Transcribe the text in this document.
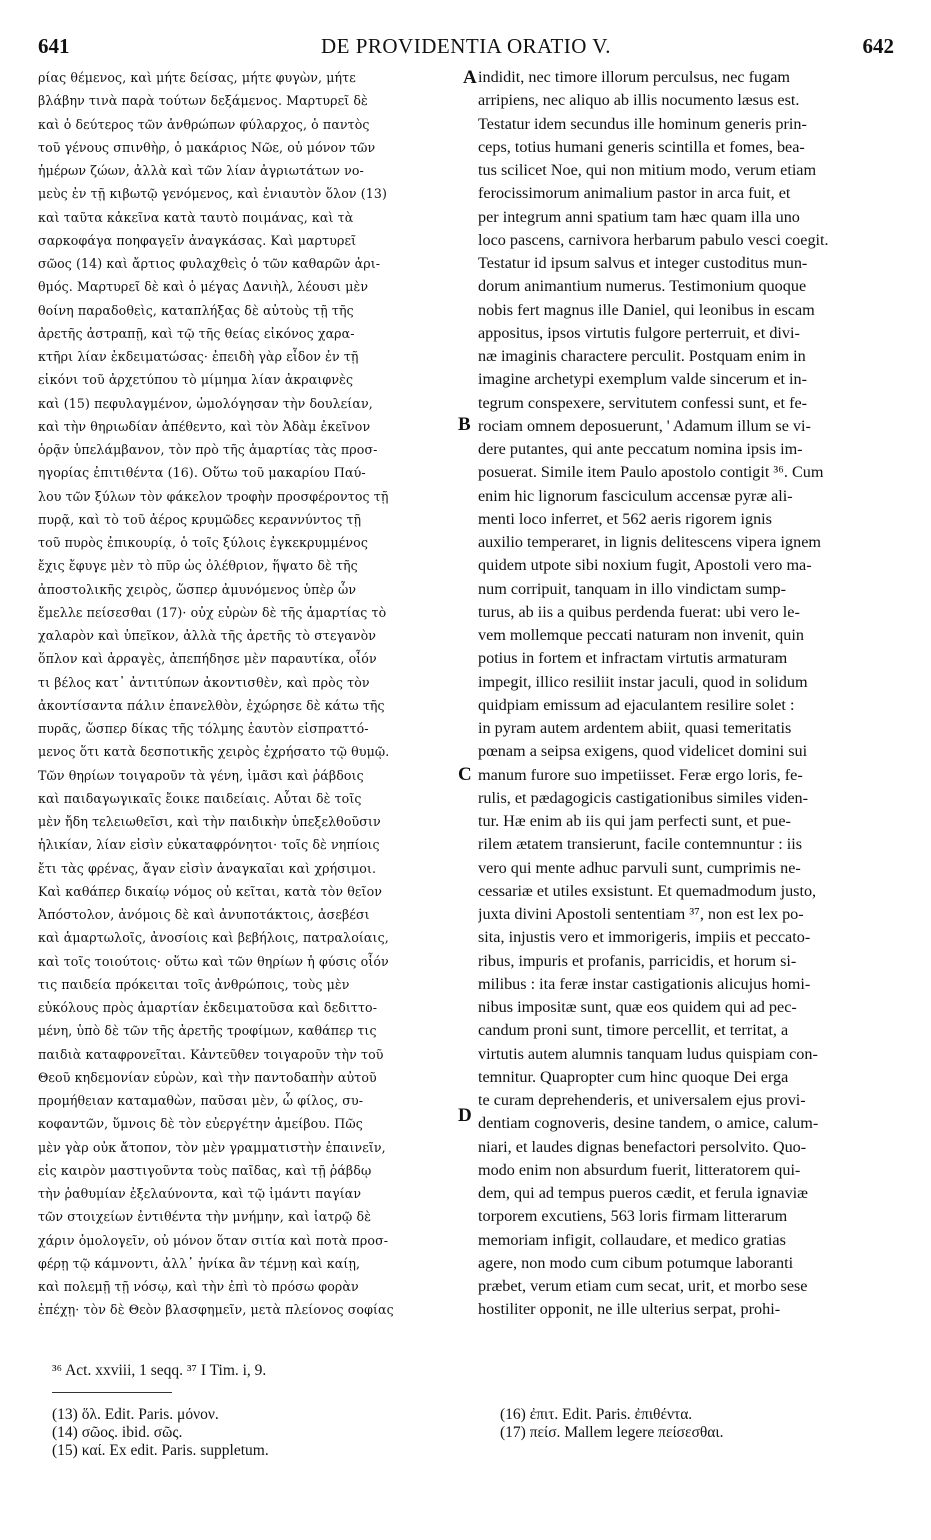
641	DE PROVIDENTIA ORATIO V.	642
ρίας θέμενος, καὶ μήτε δείσας, μήτε φυγὼν, μήτε
βλάβην τινὰ παρὰ τούτων δεξάμενος. Μαρτυρεῖ δὲ
καὶ ὁ δεύτερος τῶν ἀνθρώπων φύλαρχος, ὁ παντὸς
τοῦ γένους σπινθὴρ, ὁ μακάριος Νῶε, οὐ μόνον τῶν
ἡμέρων ζώων, ἀλλὰ καὶ τῶν λίαν ἀγριωτάτων νο-
μεὺς ἐν τῇ κιβωτῷ γενόμενος, καὶ ἐνιαυτὸν ὅλον (13)
καὶ ταῦτα κἀκεῖνα κατὰ ταυτὸ ποιμάνας, καὶ τὰ
σαρκοφάγα ποηφαγεῖν ἀναγκάσας. Καὶ μαρτυρεῖ
σῶος (14) καὶ ἄρτιος φυλαχθεὶς ὁ τῶν καθαρῶν ἀρι-
θμός. Μαρτυρεῖ δὲ καὶ ὁ μέγας Δανιὴλ, λέουσι μὲν
θοίνη παραδοθεὶς, καταπλήξας δὲ αὐτοὺς τῇ τῆς
ἀρετῆς ἀστραπῇ, καὶ τῷ τῆς θείας εἰκόνος χαρα-
κτῆρι λίαν ἐκδειματώσας· ἐπειδὴ γὰρ εἶδον ἐν τῇ
εἰκόνι τοῦ ἀρχετύπου τὸ μίμημα λίαν ἀκραιφνὲς
καὶ (15) πεφυλαγμένον, ὡμολόγησαν τὴν δουλείαν,
καὶ τὴν θηριωδίαν ἀπέθεντο, καὶ τὸν Ἀδὰμ ἐκεῖνον
ὁρᾷν ὑπελάμβανον, τὸν πρὸ τῆς ἁμαρτίας τὰς προσ-
ηγορίας ἐπιτιθέντα (16). Οὕτω τοῦ μακαρίου Παύ-
λου τῶν ξύλων τὸν φάκελον τροφὴν προσφέροντος τῇ
πυρᾷ, καὶ τὸ τοῦ ἀέρος κρυμῶδες κεραννύντος τῇ
τοῦ πυρὸς ἐπικουρίᾳ, ὁ τοῖς ξύλοις ἐγκεκρυμμένος
ἔχις ἔφυγε μὲν τὸ πῦρ ὡς ὀλέθριον, ἥψατο δὲ τῆς
ἀποστολικῆς χειρὸς, ὥσπερ ἀμυνόμενος ὑπὲρ ὧν
ἔμελλε πείσεσθαι (17)· οὐχ εὑρὼν δὲ τῆς ἁμαρτίας τὸ
χαλαρὸν καὶ ὑπεῖκον, ἀλλὰ τῆς ἀρετῆς τὸ στεγανὸν
ὅπλον καὶ ἀρραγὲς, ἀπεπήδησε μὲν παραυτίκα, οἷόν
τι βέλος κατ᾽ ἀντιτύπων ἀκοντισθὲν, καὶ πρὸς τὸν
ἀκοντίσαντα πάλιν ἐπανελθὸν, ἐχώρησε δὲ κάτω τῆς
πυρᾶς, ὥσπερ δίκας τῆς τόλμης ἑαυτὸν εἰσπραττό-
μενος ὅτι κατὰ δεσποτικῆς χειρὸς ἐχρήσατο τῷ θυμῷ.
Τῶν θηρίων τοιγαροῦν τὰ γένη, ἱμᾶσι καὶ ῥάβδοις
καὶ παιδαγωγικαῖς ἔοικε παιδείαις. Αὗται δὲ τοῖς
μὲν ἤδη τελειωθεῖσι, καὶ τὴν παιδικὴν ὑπεξελθοῦσιν
ἡλικίαν, λίαν εἰσὶν εὐκαταφρόνητοι· τοῖς δὲ νηπίοις
ἔτι τὰς φρένας, ἄγαν εἰσὶν ἀναγκαῖαι καὶ χρήσιμοι.
Καὶ καθάπερ δικαίῳ νόμος οὐ κεῖται, κατὰ τὸν θεῖον
Ἀπόστολον, ἀνόμοις δὲ καὶ ἀνυποτάκτοις, ἀσεβέσι
καὶ ἁμαρτωλοῖς, ἀνοσίοις καὶ βεβήλοις, πατραλοίαις,
καὶ τοῖς τοιούτοις· οὕτω καὶ τῶν θηρίων ἡ φύσις οἷόν
τις παιδεία πρόκειται τοῖς ἀνθρώποις, τοὺς μὲν
εὐκόλους πρὸς ἁμαρτίαν ἐκδειματοῦσα καὶ δεδιττο-
μένη, ὑπὸ δὲ τῶν τῆς ἀρετῆς τροφίμων, καθάπερ τις
παιδιὰ καταφρονεῖται. Κἀντεῦθεν τοιγαροῦν τὴν τοῦ
Θεοῦ κηδεμονίαν εὑρὼν, καὶ τὴν παντοδαπὴν αὐτοῦ
προμήθειαν καταμαθὼν, παῦσαι μὲν, ὦ φίλος, συ-
κοφαντῶν, ὕμνοις δὲ τὸν εὐεργέτην ἀμείβου. Πῶς
μὲν γὰρ οὐκ ἄτοπον, τὸν μὲν γραμματιστὴν ἐπαινεῖν,
εἰς καιρὸν μαστιγοῦντα τοὺς παῖδας, καὶ τῇ ῥάβδῳ
τὴν ῥαθυμίαν ἐξελαύνοντα, καὶ τῷ ἱμάντι παγίαν
τῶν στοιχείων ἐντιθέντα τὴν μνήμην, καὶ ἰατρῷ δὲ
χάριν ὁμολογεῖν, οὐ μόνον ὅταν σιτία καὶ ποτὰ προσ-
φέρῃ τῷ κάμνοντι, ἀλλ᾽ ἡνίκα ἂν τέμνῃ καὶ καίῃ,
καὶ πολεμῇ τῇ νόσῳ, καὶ τὴν ἐπὶ τὸ πρόσω φορὰν
ἐπέχῃ· τὸν δὲ Θεὸν βλασφημεῖν, μετὰ πλείονος σοφίας
indidit, nec timore illorum perculsus, nec fugam
arripiens, nec aliquo ab illis nocumento læsus est.
Testatur idem secundus ille hominum generis prin-
ceps, totius humani generis scintilla et fomes, bea-
tus scilicet Noe, qui non mitium modo, verum etiam
ferocissimorum animalium pastor in arca fuit, et
per integrum anni spatium tam hæc quam illa uno
loco pascens, carnivora herbarum pabulo vesci coegit.
Testatur id ipsum salvus et integer custoditus mun-
dorum animantium numerus. Testimonium quoque
nobis fert magnus ille Daniel, qui leonibus in escam
appositus, ipsos virtutis fulgore perterruit, et divi-
næ imaginis charactere perculit. Postquam enim in
imagine archetypi exemplum valde sincerum et in-
tegrum conspexere, servitutem confessi sunt, et fe-
rociam omnem deposuerunt, ' Adamum illum se vi-
dere putantes, qui ante peccatum nomina ipsis im-
posuerat. Simile item Paulo apostolo contigit ³⁶. Cum
enim hic lignorum fasciculum accensæ pyræ ali-
menti loco inferret, et 562 aeris rigorem ignis
auxilio temperaret, in lignis delitescens vipera ignem
quidem utpote sibi noxium fugit, Apostoli vero ma-
num corripuit, tanquam in illo vindictam sump-
turus, ab iis a quibus perdenda fuerat: ubi vero le-
vem mollemque peccati naturam non invenit, quin
potius in fortem et infractam virtutis armaturam
impegit, illico resiliit instar jaculi, quod in solidum
quidpiam emissum ad ejaculantem resilire solet :
in pyram autem ardentem abiit, quasi temeritatis
pœnam a seipsa exigens, quod videlicet domini sui
manum furore suo impetiisset. Feræ ergo loris, fe-
rulis, et pædagogicis castigationibus similes viden-
tur. Hæ enim ab iis qui jam perfecti sunt, et pue-
rilem ætatem transierunt, facile contemnuntur : iis
vero qui mente adhuc parvuli sunt, cumprimis ne-
cessariæ et utiles exsistunt. Et quemadmodum justo,
juxta divini Apostoli sententiam ³⁷, non est lex po-
sita, injustis vero et immorigeris, impiis et peccato-
ribus, impuris et profanis, parricidis, et horum si-
milibus : ita feræ instar castigationis alicujus homi-
nibus impositæ sunt, quæ eos quidem qui ad pec-
candum proni sunt, timore percellit, et territat, a
virtutis autem alumnis tanquam ludus quispiam con-
temnitur. Quapropter cum hinc quoque Dei erga
te curam deprehenderis, et universalem ejus provi-
dentiam cognoveris, desine tandem, o amice, calum-
niari, et laudes dignas benefactori persolvito. Quo-
modo enim non absurdum fuerit, litteratorem qui-
dem, qui ad tempus pueros cædit, et ferula ignaviæ
torporem excutiens, 563 loris firmam litterarum
memoriam infigit, collaudare, et medico gratias
agere, non modo cum cibum potumque laboranti
præbet, verum etiam cum secat, urit, et morbo sese
hostiliter opponit, ne ille ulterius serpat, prohi-
A
B
C
D
³⁶ Act. xxviii, 1 seqq. ³⁷ I Tim. i, 9.
(13) ὅλ. Edit. Paris. μόνον.
(14) σῶος. ibid. σῶς.
(15) καί. Ex edit. Paris. suppletum.
(16) ἐπιτ. Edit. Paris. ἐπιθέντα.
(17) πείσ. Mallem legere πείσεσθαι.
